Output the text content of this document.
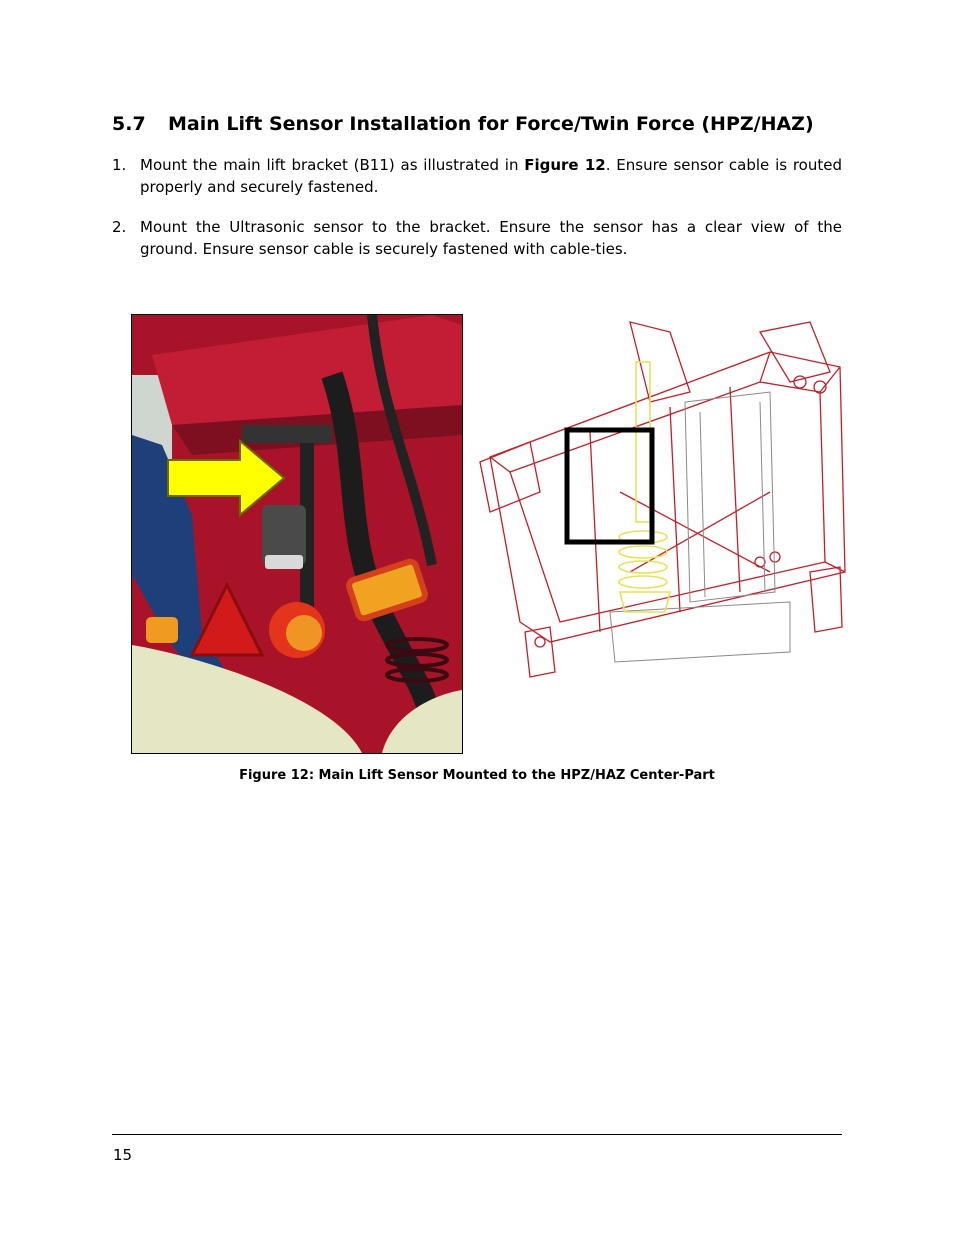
5.7 Main Lift Sensor Installation for Force/Twin Force (HPZ/HAZ)
1. Mount the main lift bracket (B11) as illustrated in Figure 12. Ensure sensor cable is routed properly and securely fastened.
2. Mount the Ultrasonic sensor to the bracket. Ensure the sensor has a clear view of the ground. Ensure sensor cable is securely fastened with cable-ties.
Figure 12: Main Lift Sensor Mounted to the HPZ/HAZ Center-Part
15
